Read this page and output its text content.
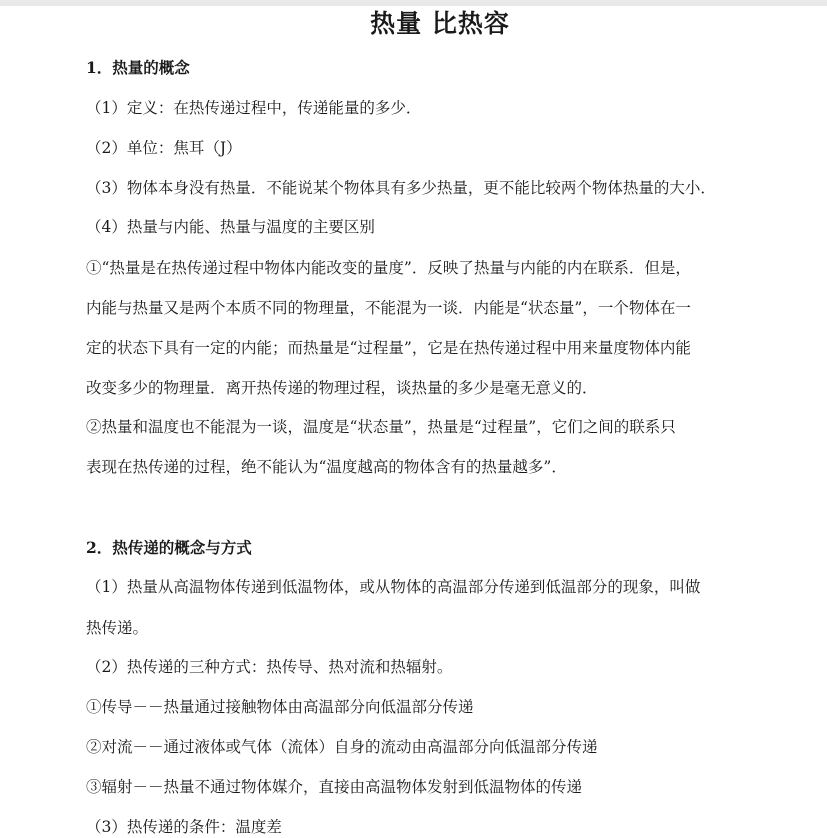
热量 比热容
1．热量的概念
（1）定义：在热传递过程中，传递能量的多少．
（2）单位：焦耳（J）
（3）物体本身没有热量．不能说某个物体具有多少热量，更不能比较两个物体热量的大小．
（4）热量与内能、热量与温度的主要区别
①“热量是在热传递过程中物体内能改变的量度”．反映了热量与内能的内在联系．但是，
内能与热量又是两个本质不同的物理量，不能混为一谈．内能是“状态量”，一个物体在一
定的状态下具有一定的内能；而热量是“过程量”，它是在热传递过程中用来量度物体内能
改变多少的物理量．离开热传递的物理过程，谈热量的多少是毫无意义的．
②热量和温度也不能混为一谈，温度是“状态量”，热量是“过程量”，它们之间的联系只
表现在热传递的过程，绝不能认为“温度越高的物体含有的热量越多”．
2．热传递的概念与方式
（1）热量从高温物体传递到低温物体，或从物体的高温部分传递到低温部分的现象，叫做
热传递。
（2）热传递的三种方式：热传导、热对流和热辐射。
①传导－－热量通过接触物体由高温部分向低温部分传递
②对流－－通过液体或气体（流体）自身的流动由高温部分向低温部分传递
③辐射－－热量不通过物体媒介，直接由高温物体发射到低温物体的传递
（3）热传递的条件：温度差
